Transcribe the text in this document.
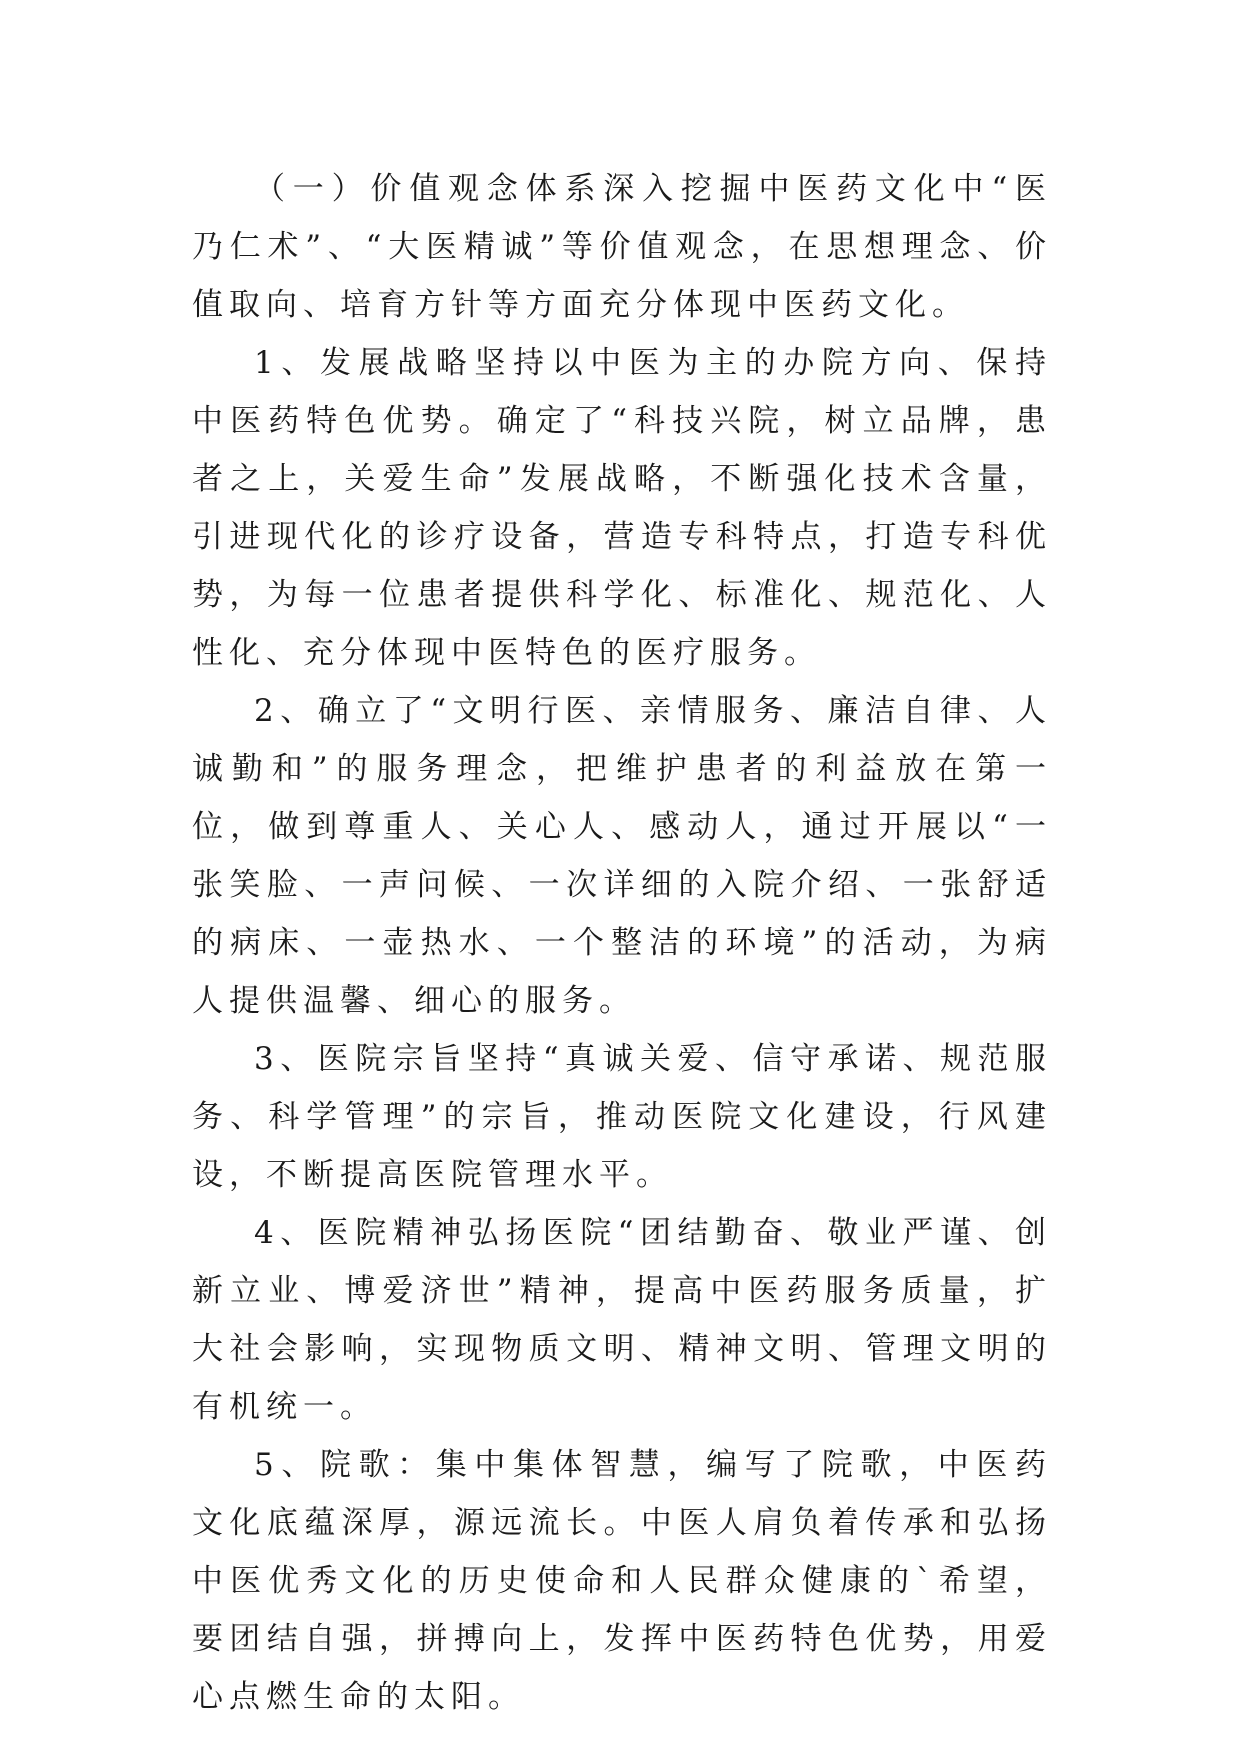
（一）价值观念体系深入挖掘中医药文化中“医乃仁术”、“大医精诚”等价值观念，在思想理念、价值取向、培育方针等方面充分体现中医药文化。

1、发展战略坚持以中医为主的办院方向、保持中医药特色优势。确定了“科技兴院，树立品牌，患者之上，关爱生命”发展战略，不断强化技术含量，引进现代化的诊疗设备，营造专科特点，打造专科优势，为每一位患者提供科学化、标准化、规范化、人性化、充分体现中医特色的医疗服务。

2、确立了“文明行医、亲情服务、廉洁自律、人诚勤和”的服务理念，把维护患者的利益放在第一位，做到尊重人、关心人、感动人，通过开展以“一张笑脸、一声问候、一次详细的入院介绍、一张舒适的病床、一壶热水、一个整洁的环境”的活动，为病人提供温馨、细心的服务。

3、医院宗旨坚持“真诚关爱、信守承诺、规范服务、科学管理”的宗旨，推动医院文化建设，行风建设，不断提高医院管理水平。

4、医院精神弘扬医院“团结勤奋、敬业严谨、创新立业、博爱济世”精神，提高中医药服务质量，扩大社会影响，实现物质文明、精神文明、管理文明的有机统一。

5、院歌：集中集体智慧，编写了院歌，中医药文化底蕴深厚，源远流长。中医人肩负着传承和弘扬中医优秀文化的历史使命和人民群众健康的`希望，要团结自强，拼搏向上，发挥中医药特色优势，用爱心点燃生命的太阳。
